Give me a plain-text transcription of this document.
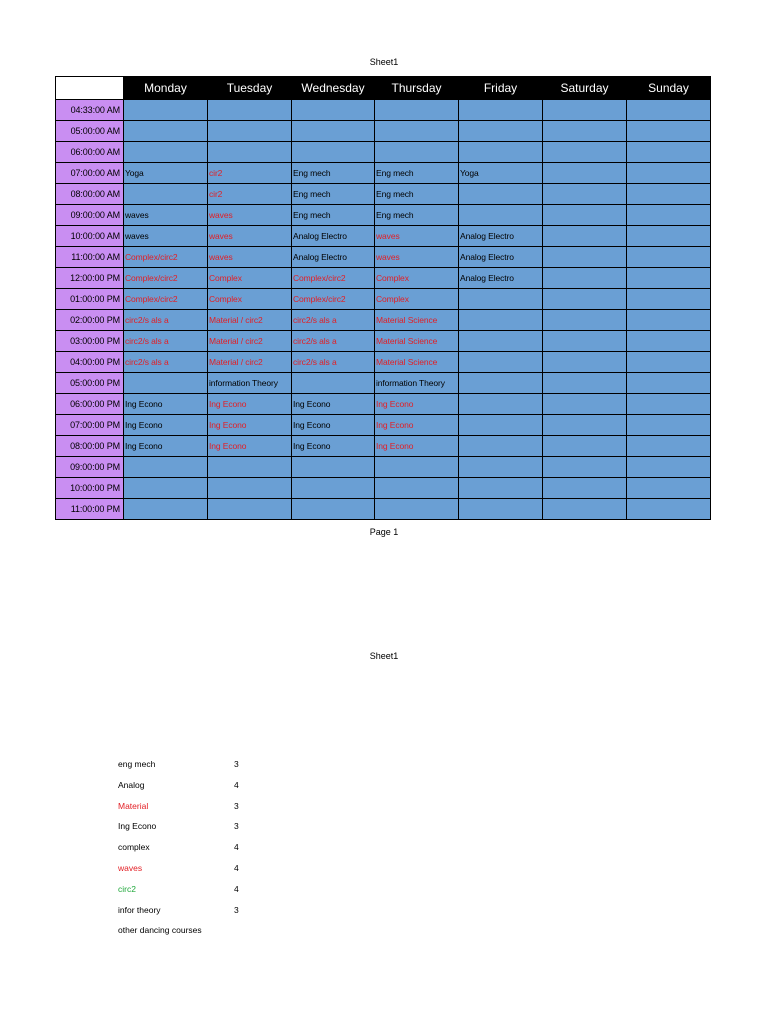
Sheet1
	Monday	Tuesday	Wednesday	Thursday	Friday	Saturday	Sunday
04:33:00 AM							
05:00:00 AM							
06:00:00 AM							
07:00:00 AM	Yoga	cir2	Eng mech	Eng mech	Yoga		
08:00:00 AM		cir2	Eng mech	Eng mech			
09:00:00 AM	waves	waves	Eng mech	Eng mech			
10:00:00 AM	waves	waves	Analog Electro	waves	Analog Electro		
11:00:00 AM	Complex/circ2	waves	Analog Electro	waves	Analog Electro		
12:00:00 PM	Complex/circ2	Complex	Complex/circ2	Complex	Analog Electro		
01:00:00 PM	Complex/circ2	Complex	Complex/circ2	Complex			
02:00:00 PM	circ2/s als a	Material / circ2	circ2/s als a	Material Science			
03:00:00 PM	circ2/s als a	Material / circ2	circ2/s als a	Material Science			
04:00:00 PM	circ2/s als a	Material / circ2	circ2/s als a	Material Science			
05:00:00 PM		information Theory		information Theory			
06:00:00 PM	Ing Econo	Ing Econo	Ing Econo	Ing Econo			
07:00:00 PM	Ing Econo	Ing Econo	Ing Econo	Ing Econo			
08:00:00 PM	Ing Econo	Ing Econo	Ing Econo	Ing Econo			
09:00:00 PM							
10:00:00 PM							
11:00:00 PM							
Page 1
Sheet1
eng mech	3
Analog	4
Material	3
Ing Econo	3
complex	4
waves	4
circ2	4
infor theory	3
other dancing courses
